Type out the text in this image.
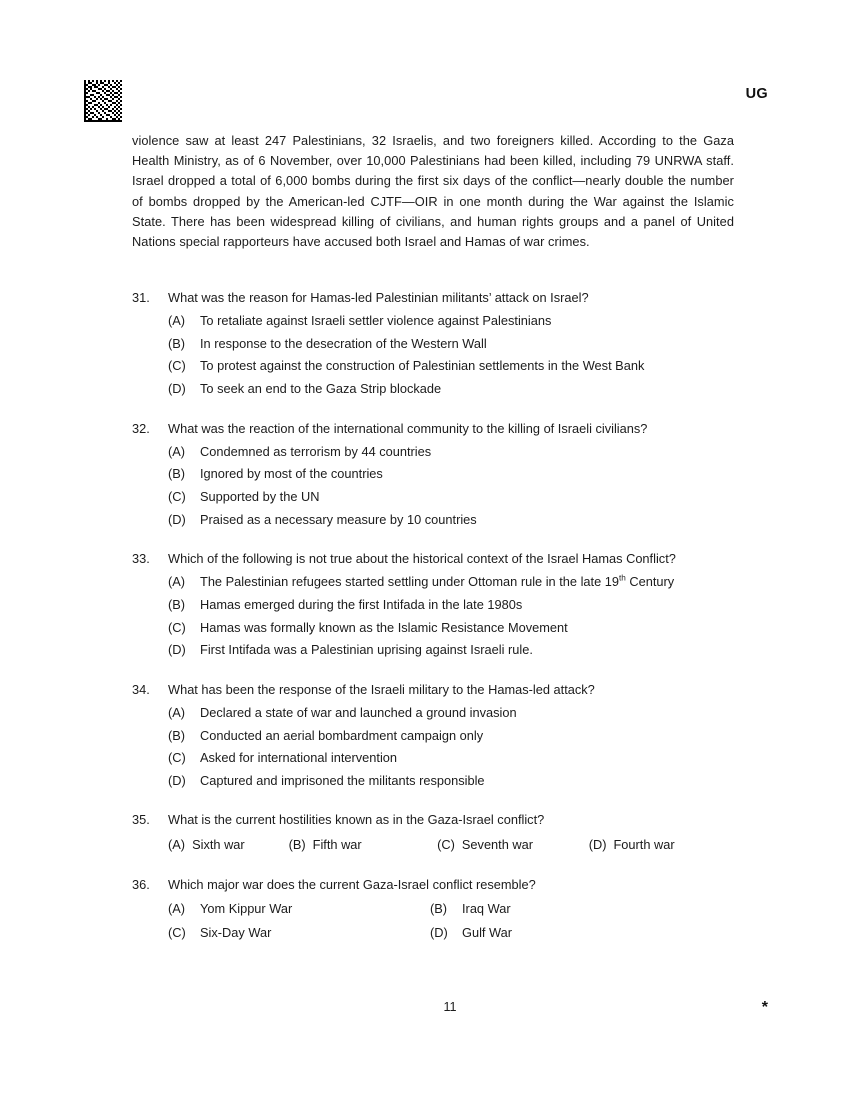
UG
violence saw at least 247 Palestinians, 32 Israelis, and two foreigners killed. According to the Gaza Health Ministry, as of 6 November, over 10,000 Palestinians had been killed, including 79 UNRWA staff. Israel dropped a total of 6,000 bombs during the first six days of the conflict—nearly double the number of bombs dropped by the American-led CJTF—OIR in one month during the War against the Islamic State. There has been widespread killing of civilians, and human rights groups and a panel of United Nations special rapporteurs have accused both Israel and Hamas of war crimes.
31.	What was the reason for Hamas-led Palestinian militants’ attack on Israel?
(A)	To retaliate against Israeli settler violence against Palestinians
(B)	In response to the desecration of the Western Wall
(C)	To protest against the construction of Palestinian settlements in the West Bank
(D)	To seek an end to the Gaza Strip blockade
32.	What was the reaction of the international community to the killing of Israeli civilians?
(A)	Condemned as terrorism by 44 countries
(B)	Ignored by most of the countries
(C)	Supported by the UN
(D)	Praised as a necessary measure by 10 countries
33.	Which of the following is not true about the historical context of the Israel Hamas Conflict?
(A)	The Palestinian refugees started settling under Ottoman rule in the late 19th Century
(B)	Hamas emerged during the first Intifada in the late 1980s
(C)	Hamas was formally known as the Islamic Resistance Movement
(D)	First Intifada was a Palestinian uprising against Israeli rule.
34.	What has been the response of the Israeli military to the Hamas-led attack?
(A)	Declared a state of war and launched a ground invasion
(B)	Conducted an aerial bombardment campaign only
(C)	Asked for international intervention
(D)	Captured and imprisoned the militants responsible
35.	What is the current hostilities known as in the Gaza-Israel conflict?
(A) Sixth war	(B) Fifth war	(C) Seventh war	(D) Fourth war
36.	Which major war does the current Gaza-Israel conflict resemble?
(A)	Yom Kippur War	(B)	Iraq War
(C)	Six-Day War	(D)	Gulf War
11	*
